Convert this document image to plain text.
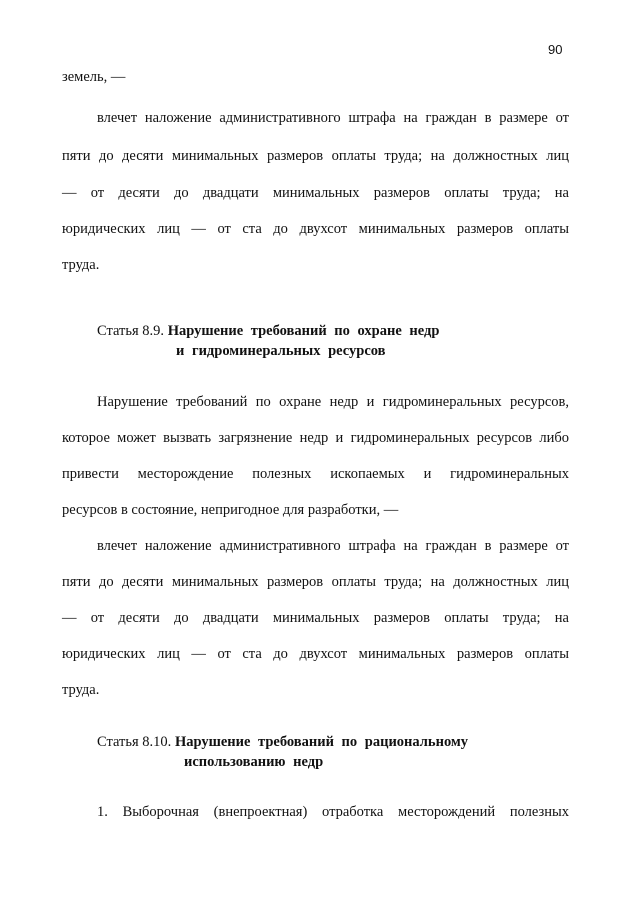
90
земель, —
влечет наложение административного штрафа на граждан в размере от
пяти до десяти минимальных размеров оплаты труда; на должностных лиц
— от десяти до двадцати минимальных размеров оплаты труда; на
юридических лиц — от ста до двухсот минимальных размеров оплаты
труда.
Статья 8.9. Нарушение требований по охране недр
и гидроминеральных ресурсов
Нарушение требований по охране недр и гидроминеральных ресурсов,
которое может вызвать загрязнение недр и гидроминеральных ресурсов либо
привести месторождение полезных ископаемых и гидроминеральных
ресурсов в состояние, непригодное для разработки, —
влечет наложение административного штрафа на граждан в размере от
пяти до десяти минимальных размеров оплаты труда; на должностных лиц
— от десяти до двадцати минимальных размеров оплаты труда; на
юридических лиц — от ста до двухсот минимальных размеров оплаты
труда.
Статья 8.10. Нарушение требований по рациональному
использованию недр
1. Выборочная (внепроектная) отработка месторождений полезных
